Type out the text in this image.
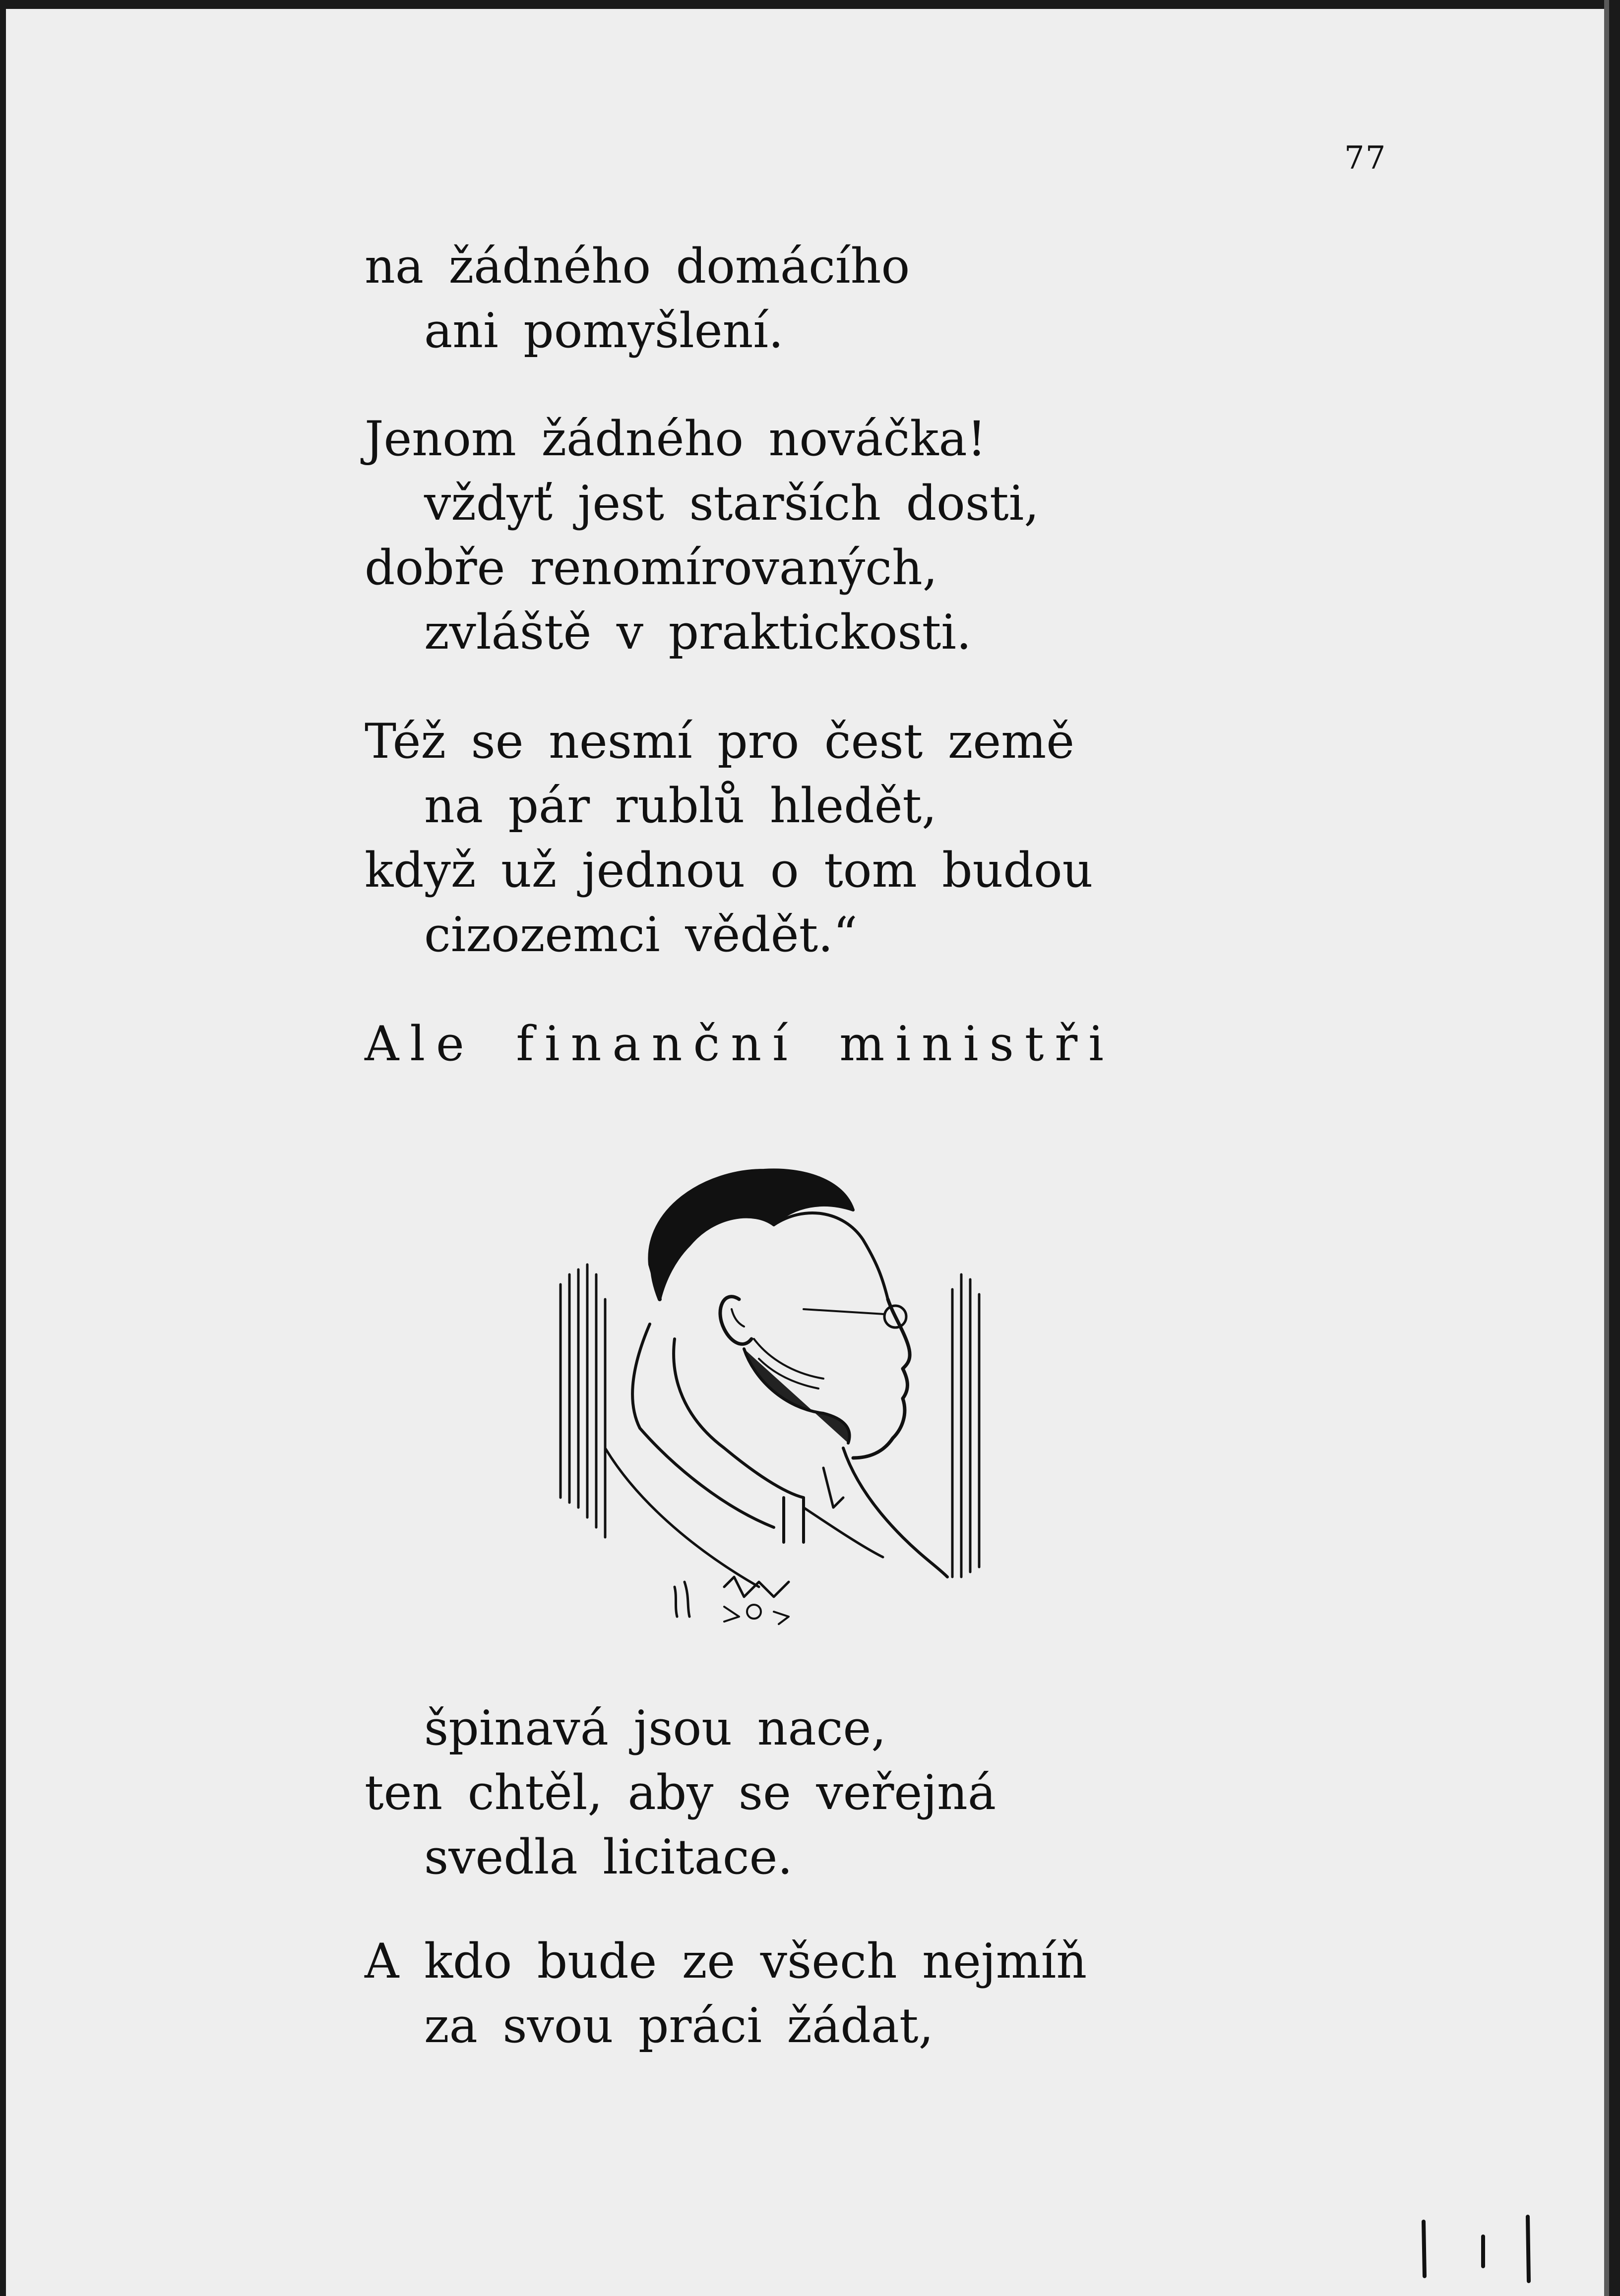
77
na žádného domácího
ani pomyšlení.
Jenom žádného nováčka!
vždyť jest starších dosti,
dobře renomírovaných,
zvláště v praktickosti.
Též se nesmí pro čest země
na pár rublů hledět,
když už jednou o tom budou
cizozemci vědět.“
Ale finanční ministři
špinavá jsou nace,
ten chtěl, aby se veřejná
svedla licitace.
A kdo bude ze všech nejmíň
za svou práci žádat,
